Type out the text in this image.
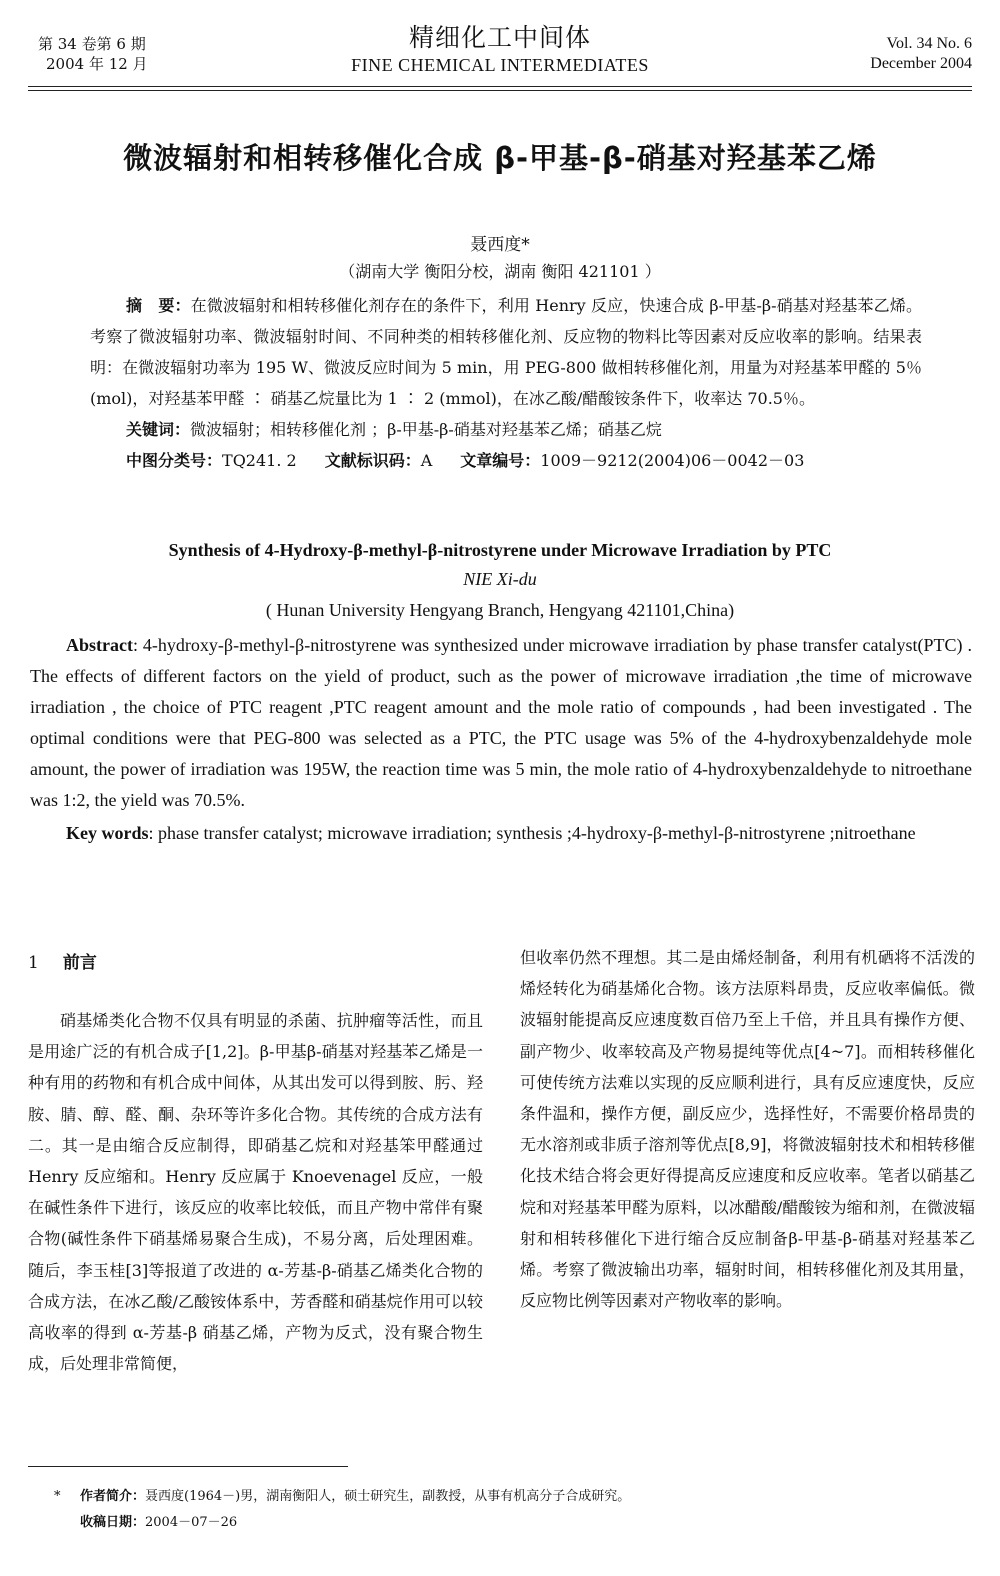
第 34 卷第 6 期
2004 年 12 月
精细化工中间体
FINE CHEMICAL INTERMEDIATES
Vol. 34 No. 6
December 2004
微波辐射和相转移催化合成 β-甲基-β-硝基对羟基苯乙烯
聂西度*
（湖南大学 衡阳分校，湖南 衡阳 421101 ）
摘　要：在微波辐射和相转移催化剂存在的条件下，利用 Henry 反应，快速合成 β-甲基-β-硝基对羟基苯乙烯。考察了微波辐射功率、微波辐射时间、不同种类的相转移催化剂、反应物的物料比等因素对反应收率的影响。结果表明：在微波辐射功率为 195 W、微波反应时间为 5 min，用 PEG-800 做相转移催化剂，用量为对羟基苯甲醛的 5％(mol)，对羟基苯甲醛 ∶ 硝基乙烷量比为 1 ∶ 2 (mmol)，在冰乙酸/醋酸铵条件下，收率达 70.5％。
关键词：微波辐射；相转移催化剂 ；β-甲基-β-硝基对羟基苯乙烯；硝基乙烷
中图分类号：TQ241. 2 文献标识码：A 文章编号：1009－9212(2004)06－0042－03
Synthesis of 4-Hydroxy-β-methyl-β-nitrostyrene under Microwave Irradiation by PTC
NIE Xi-du
( Hunan University Hengyang Branch, Hengyang 421101,China)
Abstract: 4-hydroxy-β-methyl-β-nitrostyrene was synthesized under microwave irradiation by phase transfer catalyst(PTC) . The effects of different factors on the yield of product, such as the power of microwave irradiation ,the time of microwave irradiation , the choice of PTC reagent ,PTC reagent amount and the mole ratio of compounds , had been investigated . The optimal conditions were that PEG-800 was selected as a PTC, the PTC usage was 5% of the 4-hydroxybenzaldehyde mole amount, the power of irradiation was 195W, the reaction time was 5 min, the mole ratio of 4-hydroxybenzaldehyde to nitroethane was 1:2, the yield was 70.5%.
Key words: phase transfer catalyst; microwave irradiation; synthesis ;4-hydroxy-β-methyl-β-nitrostyrene ;nitroethane
1 前言
硝基烯类化合物不仅具有明显的杀菌、抗肿瘤等活性，而且是用途广泛的有机合成子[1,2]。β-甲基β-硝基对羟基苯乙烯是一种有用的药物和有机合成中间体，从其出发可以得到胺、肟、羟胺、腈、醇、醛、酮、杂环等许多化合物。其传统的合成方法有二。其一是由缩合反应制得，即硝基乙烷和对羟基笨甲醛通过 Henry 反应缩和。Henry 反应属于 Knoevenagel 反应，一般在碱性条件下进行，该反应的收率比较低，而且产物中常伴有聚合物(碱性条件下硝基烯易聚合生成)，不易分离，后处理困难。随后，李玉桂[3]等报道了改进的 α-芳基-β-硝基乙烯类化合物的合成方法，在冰乙酸/乙酸铵体系中，芳香醛和硝基烷作用可以较高收率的得到 α-芳基-β 硝基乙烯，产物为反式，没有聚合物生成，后处理非常简便，
但收率仍然不理想。其二是由烯烃制备，利用有机硒将不活泼的烯烃转化为硝基烯化合物。该方法原料昂贵，反应收率偏低。微波辐射能提高反应速度数百倍乃至上千倍，并且具有操作方便、副产物少、收率较高及产物易提纯等优点[4~7]。而相转移催化可使传统方法难以实现的反应顺利进行，具有反应速度快，反应条件温和，操作方便，副反应少，选择性好，不需要价格昂贵的无水溶剂或非质子溶剂等优点[8,9]，将微波辐射技术和相转移催化技术结合将会更好得提高反应速度和反应收率。笔者以硝基乙烷和对羟基苯甲醛为原料，以冰醋酸/醋酸铵为缩和剂，在微波辐射和相转移催化下进行缩合反应制备β-甲基-β-硝基对羟基苯乙烯。考察了微波输出功率，辐射时间，相转移催化剂及其用量，反应物比例等因素对产物收率的影响。
* 作者简介：聂西度(1964－)男，湖南衡阳人，硕士研究生，副教授，从事有机高分子合成研究。
收稿日期：2004－07－26
